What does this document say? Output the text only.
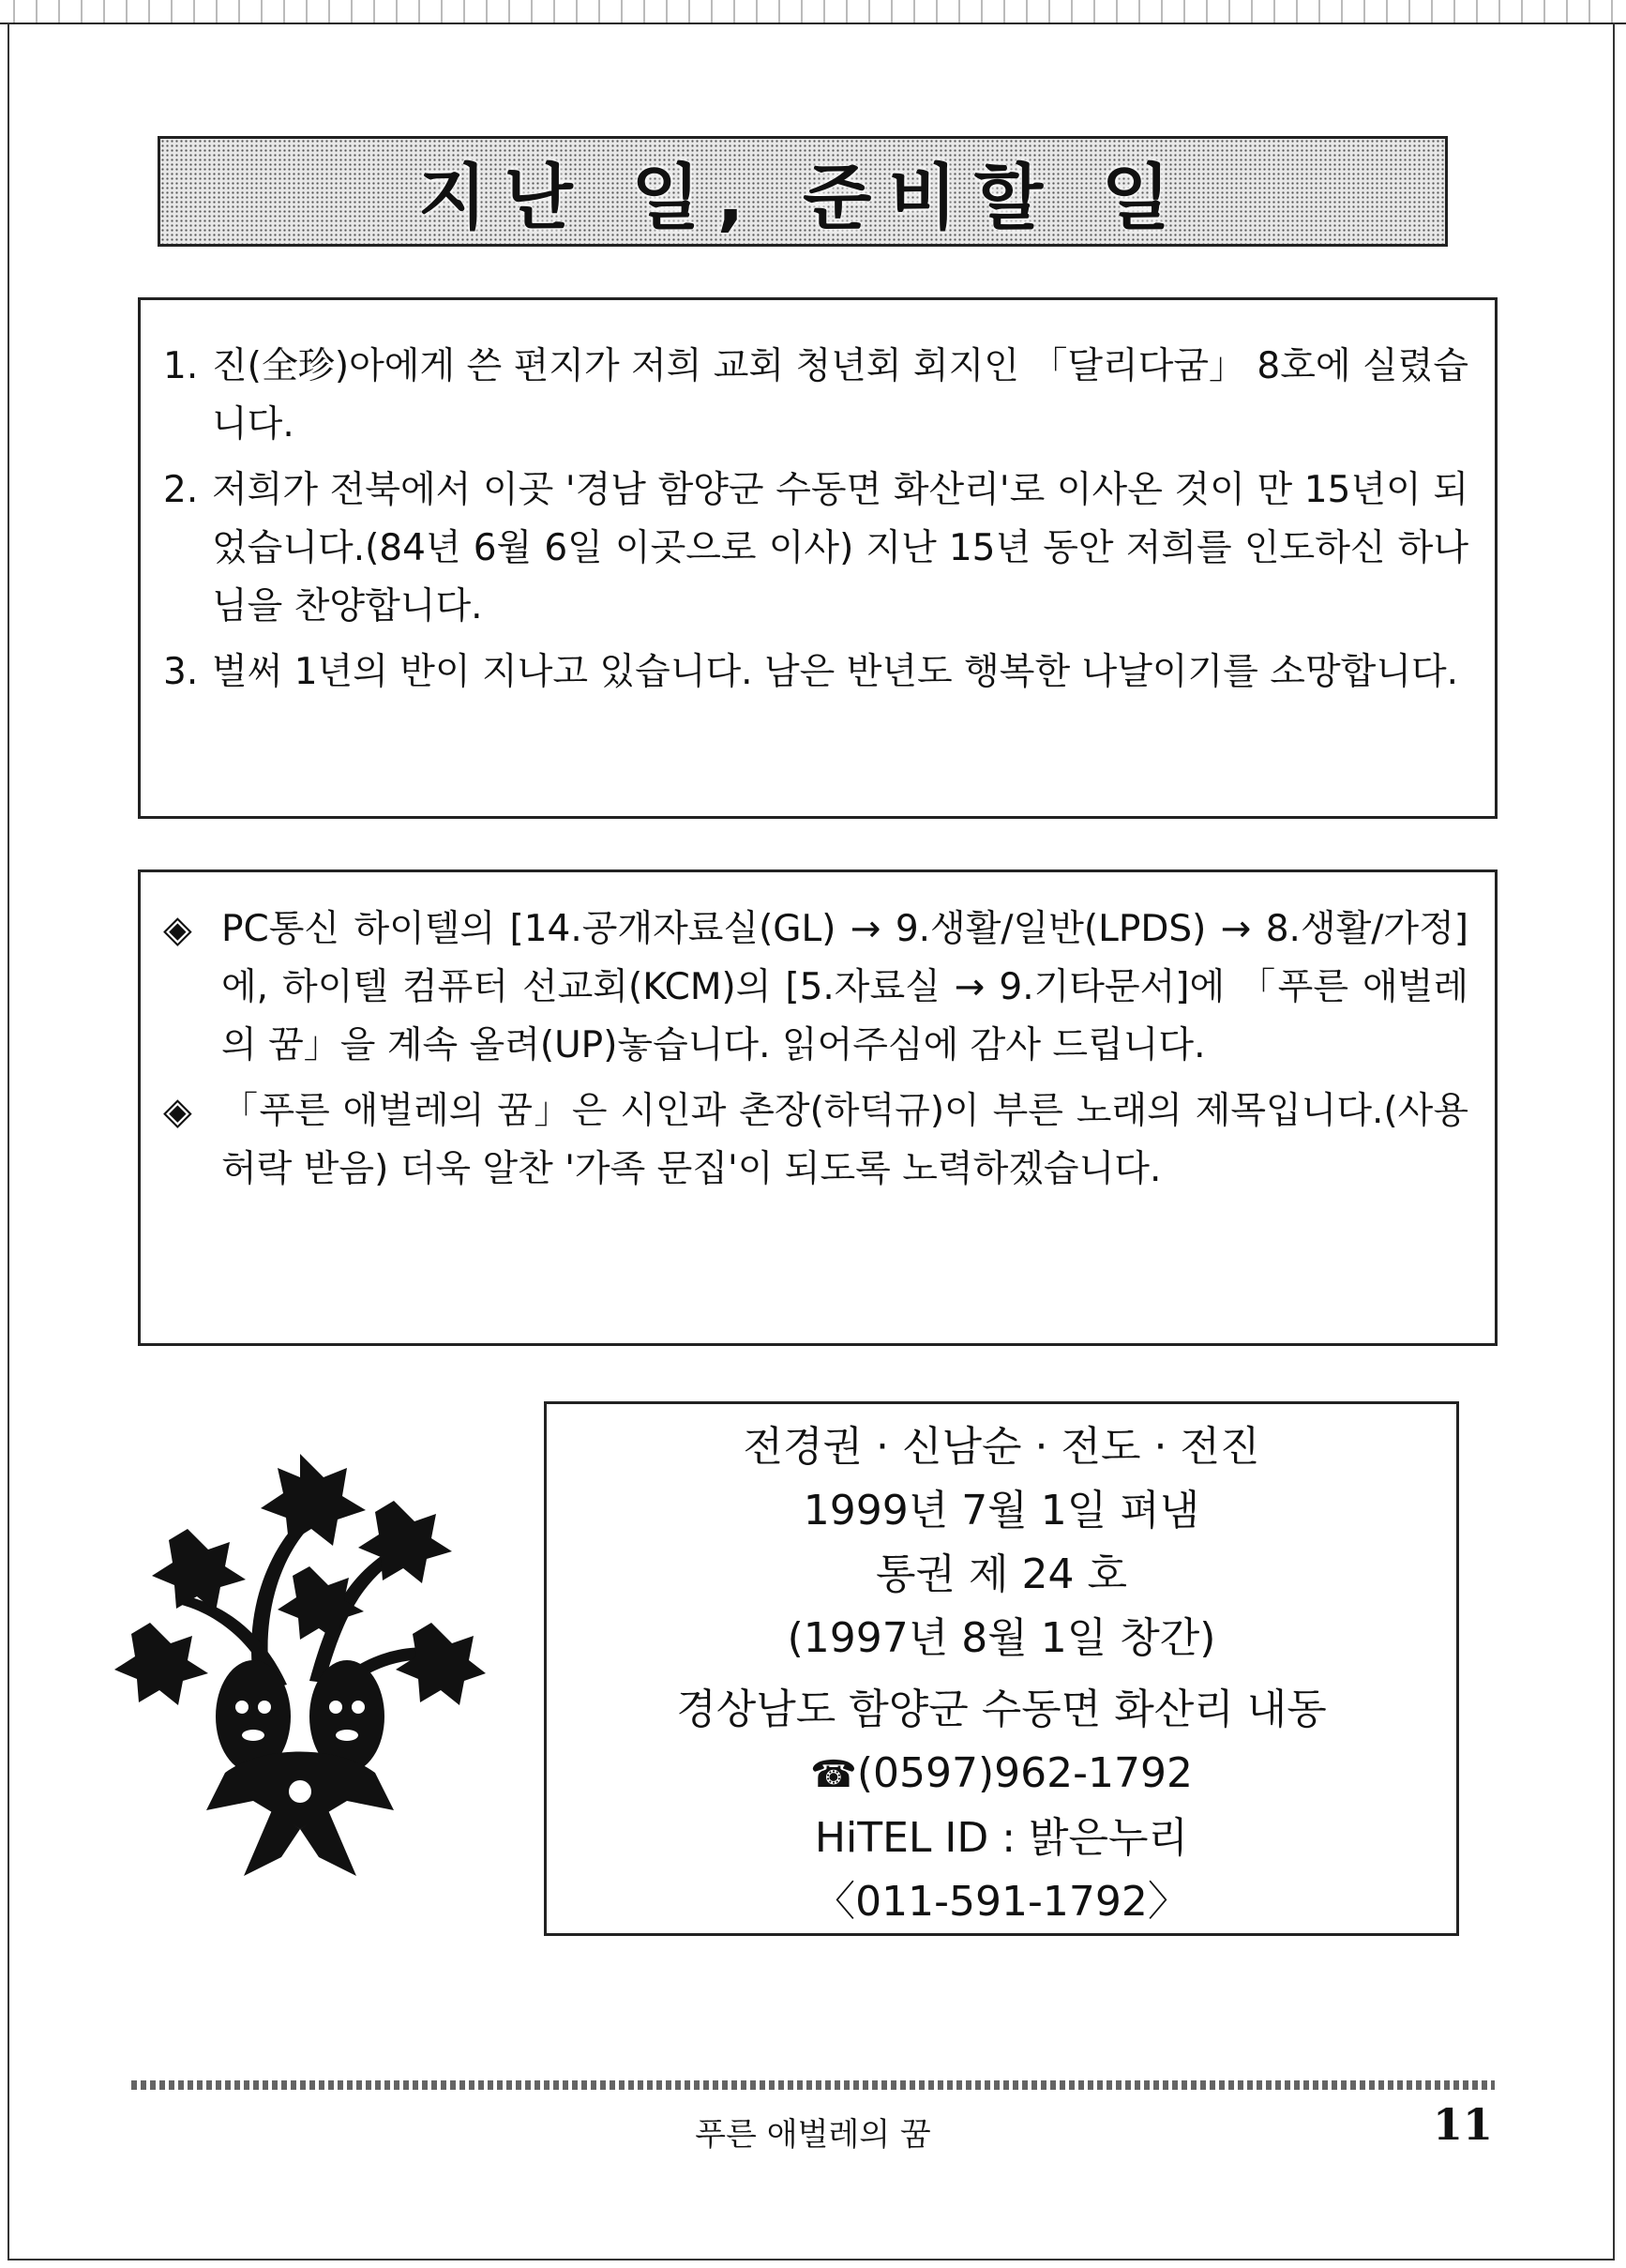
지난 일, 준비할 일
1. 진(全珍)아에게 쓴 편지가 저희 교회 청년회 회지인 「달리다굼」 8호에 실렸습니다.
2. 저희가 전북에서 이곳 '경남 함양군 수동면 화산리'로 이사온 것이 만 15년이 되었습니다.(84년 6월 6일 이곳으로 이사) 지난 15년 동안 저희를 인도하신 하나님을 찬양합니다.
3. 벌써 1년의 반이 지나고 있습니다. 남은 반년도 행복한 나날이기를 소망합니다.
◈ PC통신 하이텔의 [14.공개자료실(GL) → 9.생활/일반(LPDS) → 8.생활/가정]에, 하이텔 컴퓨터 선교회(KCM)의 [5.자료실 → 9.기타문서]에 「푸른 애벌레의 꿈」을 계속 올려(UP)놓습니다. 읽어주심에 감사 드립니다.
◈ 「푸른 애벌레의 꿈」은 시인과 촌장(하덕규)이 부른 노래의 제목입니다.(사용 허락 받음) 더욱 알찬 '가족 문집'이 되도록 노력하겠습니다.
전경권 · 신남순 · 전도 · 전진
1999년 7월 1일 펴냄
통권 제 24 호
(1997년 8월 1일 창간)
경상남도 함양군 수동면 화산리 내동
☎(0597)962-1792
HiTEL ID : 밝은누리
〈011-591-1792〉
푸른 애벌레의 꿈	11
